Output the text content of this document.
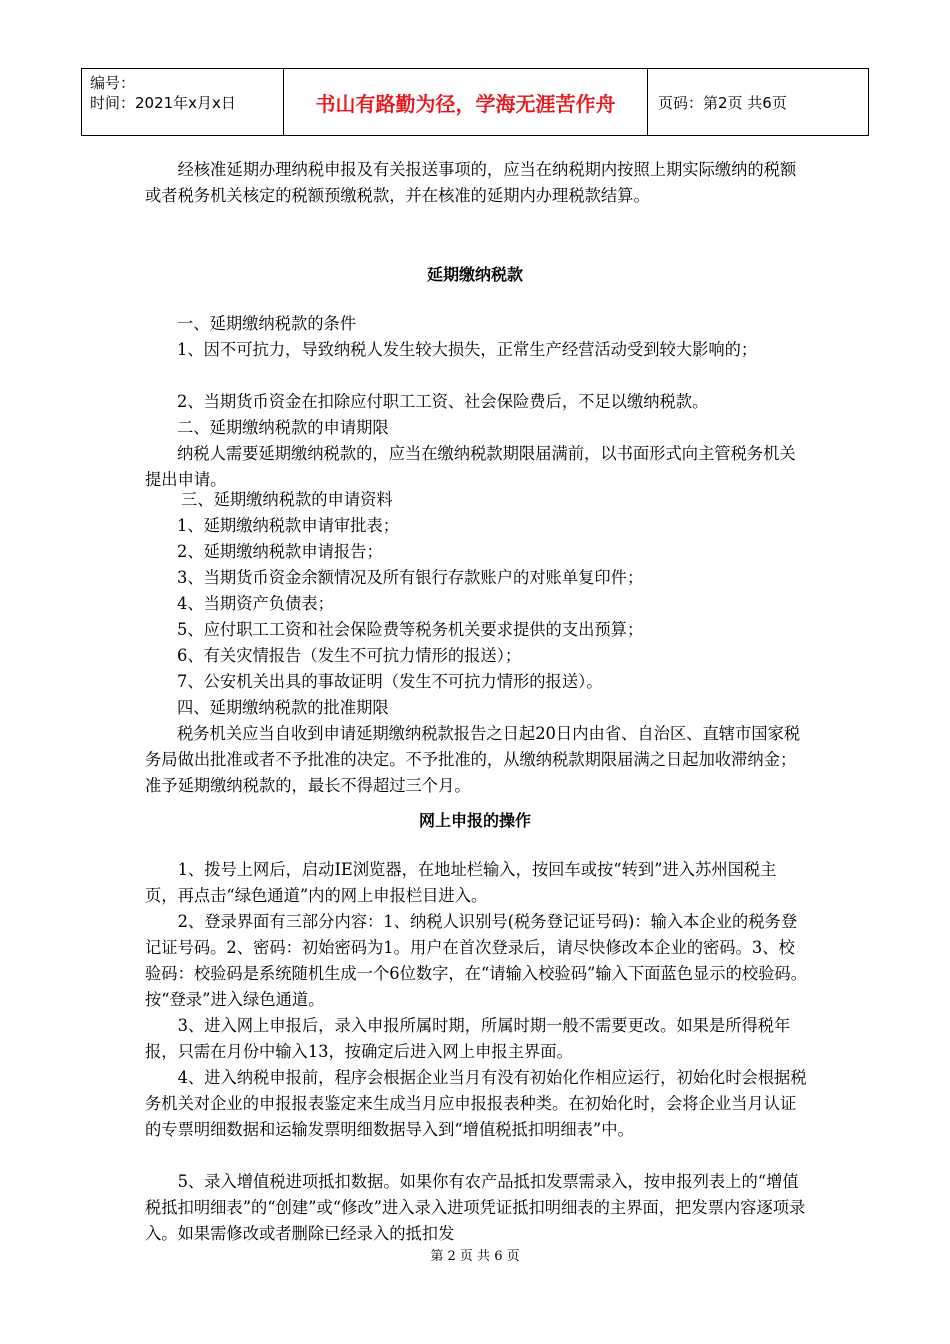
编号：
时间：2021年x月x日	书山有路勤为径，学海无涯苦作舟	页码：第2页 共6页

　　经核准延期办理纳税申报及有关报送事项的，应当在纳税期内按照上期实际缴纳的税额或者税务机关核定的税额预缴税款，并在核准的延期内办理税款结算。

延期缴纳税款
一、延期缴纳税款的条件

1、因不可抗力，导致纳税人发生较大损失，正常生产经营活动受到较大影响的；

2、当期货币资金在扣除应付职工工资、社会保险费后，不足以缴纳税款。
二、延期缴纳税款的申请期限

纳税人需要延期缴纳税款的，应当在缴纳税款期限届满前，以书面形式向主管税务机关提出申请。

三、延期缴纳税款的申请资料
1、延期缴纳税款申请审批表；
2、延期缴纳税款申请报告；
3、当期货币资金余额情况及所有银行存款账户的对账单复印件；
4、当期资产负债表；
5、应付职工工资和社会保险费等税务机关要求提供的支出预算；
6、有关灾情报告（发生不可抗力情形的报送）；
7、公安机关出具的事故证明（发生不可抗力情形的报送）。
四、延期缴纳税款的批准期限

税务机关应当自收到申请延期缴纳税款报告之日起20日内由省、自治区、直辖市国家税务局做出批准或者不予批准的决定。不予批准的，从缴纳税款期限届满之日起加收滞纳金；准予延期缴纳税款的，最长不得超过三个月。

网上申报的操作

　　1、拨号上网后，启动IE浏览器，在地址栏输入，按回车或按“转到”进入苏州国税主页，再点击“绿色通道”内的网上申报栏目进入。

　　2、登录界面有三部分内容：1、纳税人识别号(税务登记证号码)：输入本企业的税务登记证号码。2、密码：初始密码为1。用户在首次登录后，请尽快修改本企业的密码。3、校验码：校验码是系统随机生成一个6位数字，在“请输入校验码”输入下面蓝色显示的校验码。按“登录”进入绿色通道。

　　3、进入网上申报后，录入申报所属时期，所属时期一般不需要更改。如果是所得税年报，只需在月份中输入13，按确定后进入网上申报主界面。

　　4、进入纳税申报前，程序会根据企业当月有没有初始化作相应运行，初始化时会根据税务机关对企业的申报报表鉴定来生成当月应申报报表种类。在初始化时，会将企业当月认证的专票明细数据和运输发票明细数据导入到“增值税抵扣明细表”中。

　　5、录入增值税进项抵扣数据。如果你有农产品抵扣发票需录入，按申报列表上的“增值税抵扣明细表”的“创建”或“修改”进入录入进项凭证抵扣明细表的主界面，把发票内容逐项录入。如果需修改或者删除已经录入的抵扣发

第 2 页 共 6 页
